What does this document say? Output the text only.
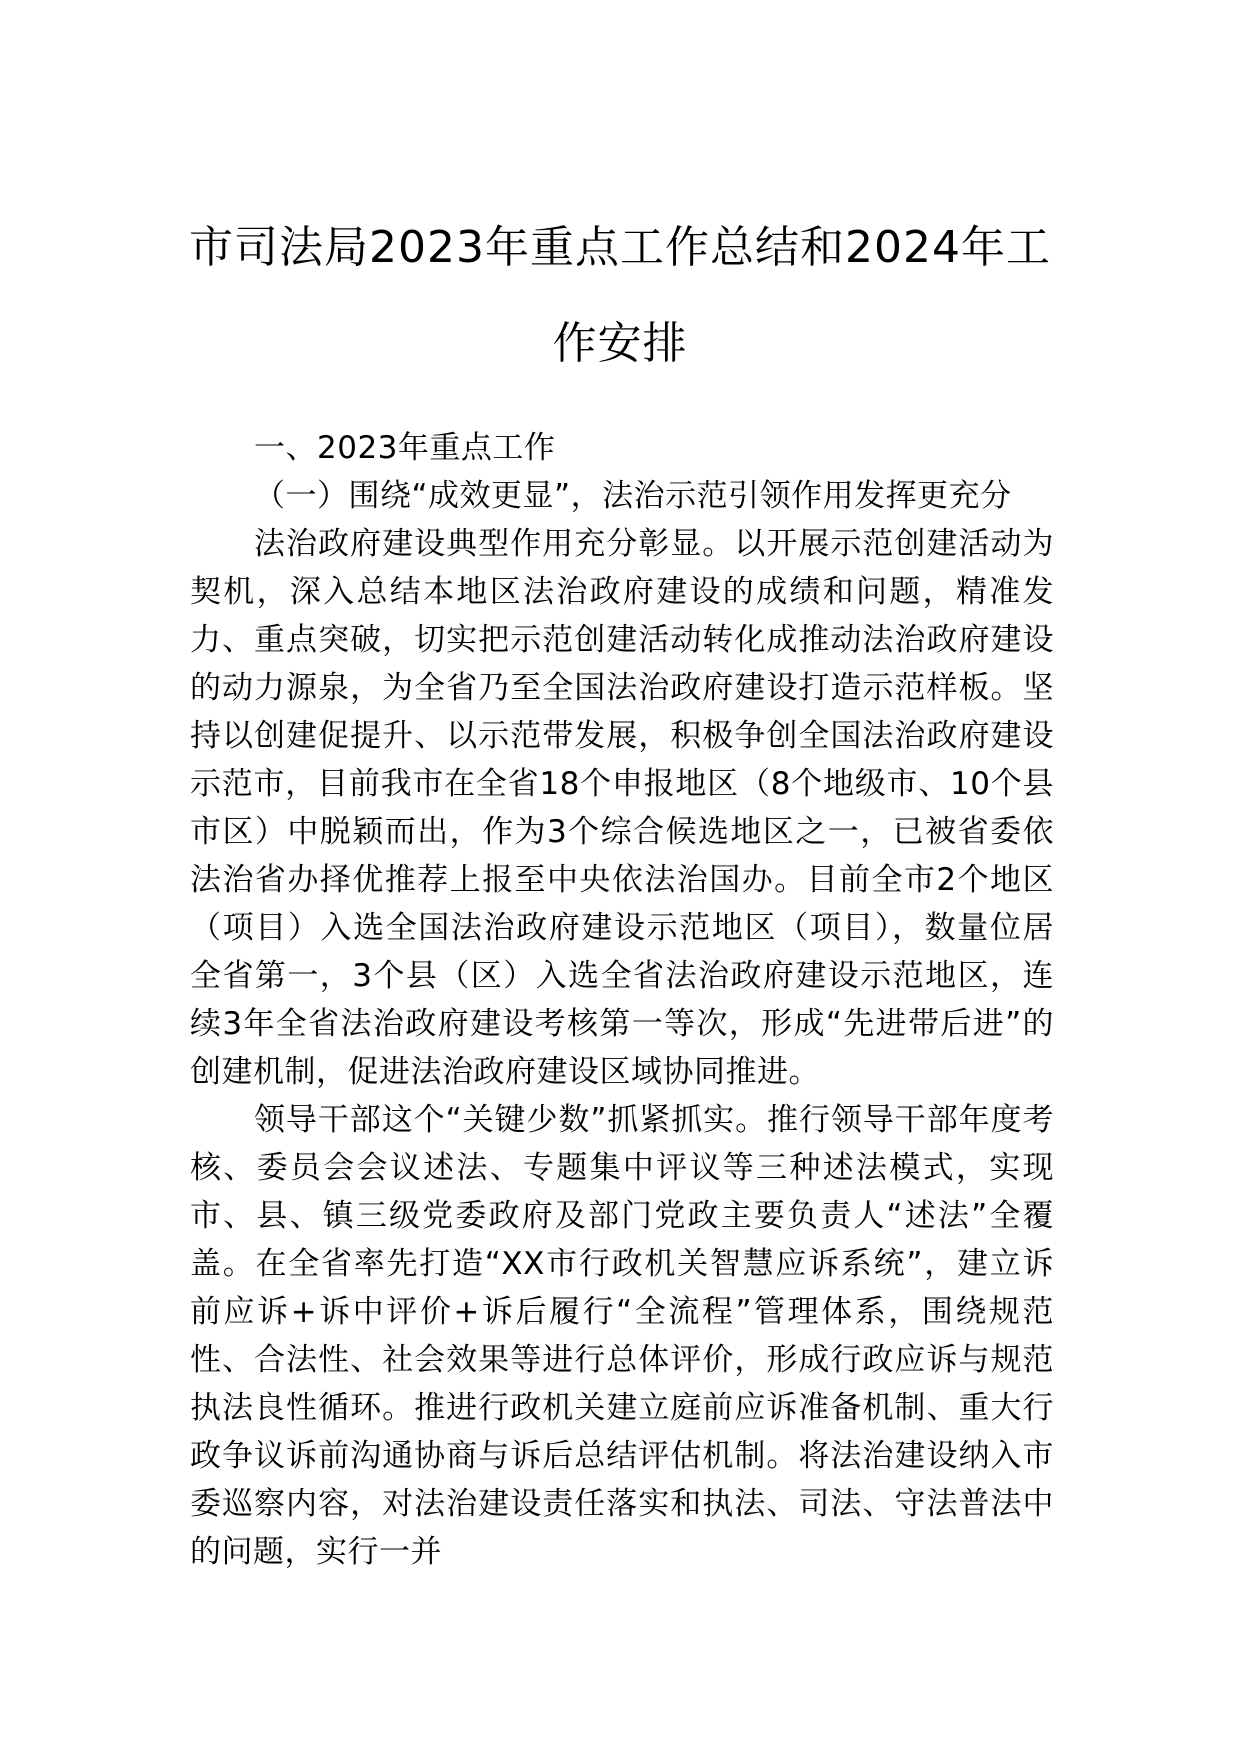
市司法局2023年重点工作总结和2024年工
作安排

一、2023年重点工作

（一）围绕“成效更显”，法治示范引领作用发挥更充分

法治政府建设典型作用充分彰显。以开展示范创建活动为契机，深入总结本地区法治政府建设的成绩和问题，精准发力、重点突破，切实把示范创建活动转化成推动法治政府建设的动力源泉，为全省乃至全国法治政府建设打造示范样板。坚持以创建促提升、以示范带发展，积极争创全国法治政府建设示范市，目前我市在全省18个申报地区（8个地级市、10个县市区）中脱颖而出，作为3个综合候选地区之一，已被省委依法治省办择优推荐上报至中央依法治国办。目前全市2个地区（项目）入选全国法治政府建设示范地区（项目），数量位居全省第一，3个县（区）入选全省法治政府建设示范地区，连续3年全省法治政府建设考核第一等次，形成“先进带后进”的创建机制，促进法治政府建设区域协同推进。

领导干部这个“关键少数”抓紧抓实。推行领导干部年度考核、委员会会议述法、专题集中评议等三种述法模式，实现市、县、镇三级党委政府及部门党政主要负责人“述法”全覆盖。在全省率先打造“XX市行政机关智慧应诉系统”，建立诉前应诉+诉中评价+诉后履行“全流程”管理体系，围绕规范性、合法性、社会效果等进行总体评价，形成行政应诉与规范执法良性循环。推进行政机关建立庭前应诉准备机制、重大行政争议诉前沟通协商与诉后总结评估机制。将法治建设纳入市委巡察内容，对法治建设责任落实和执法、司法、守法普法中的问题，实行一并
